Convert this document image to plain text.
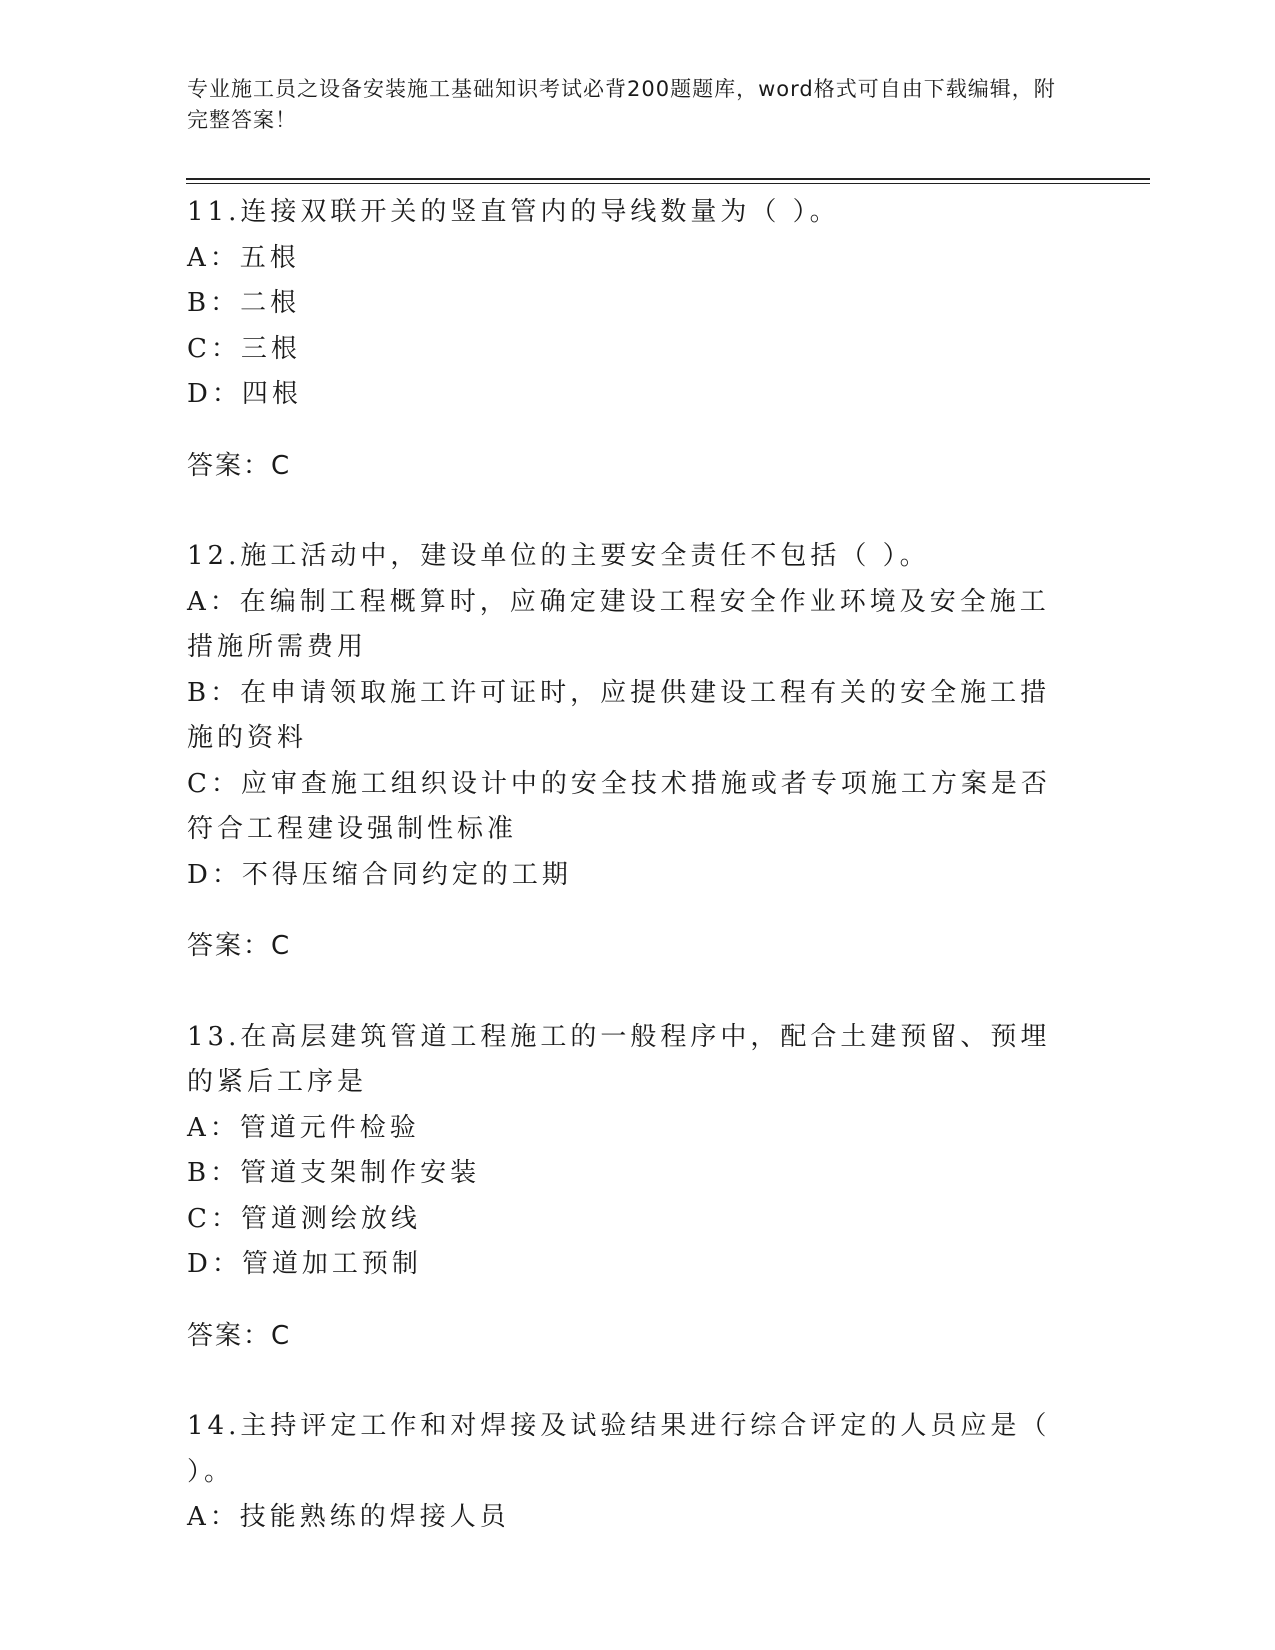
专业施工员之设备安装施工基础知识考试必背200题题库，word格式可自由下载编辑，附完整答案！

11.连接双联开关的竖直管内的导线数量为（ ）。

A：五根

B：二根

C：三根

D：四根

答案：C

12.施工活动中，建设单位的主要安全责任不包括（ ）。

A：在编制工程概算时，应确定建设工程安全作业环境及安全施工措施所需费用

B：在申请领取施工许可证时，应提供建设工程有关的安全施工措施的资料

C：应审查施工组织设计中的安全技术措施或者专项施工方案是否符合工程建设强制性标准

D：不得压缩合同约定的工期

答案：C

13.在高层建筑管道工程施工的一般程序中，配合土建预留、预埋的紧后工序是

A：管道元件检验

B：管道支架制作安装

C：管道测绘放线

D：管道加工预制

答案：C

14.主持评定工作和对焊接及试验结果进行综合评定的人员应是（ ）。

A：技能熟练的焊接人员
